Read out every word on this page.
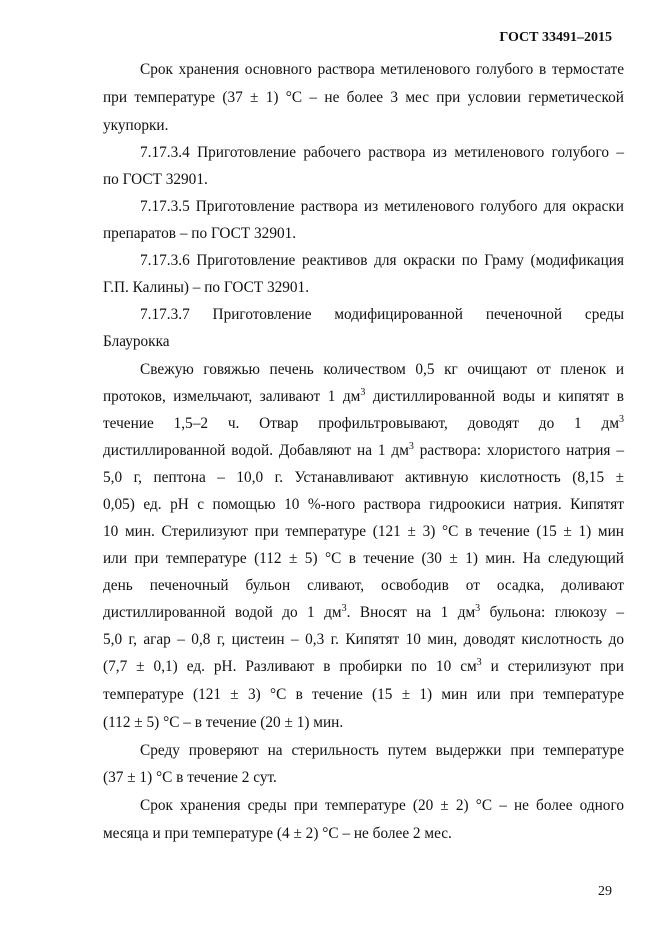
ГОСТ 33491–2015
Срок хранения основного раствора метиленового голубого в термостате
при температуре (37 ± 1) °С – не более 3 мес при условии герметической
укупорки.
7.17.3.4 Приготовление рабочего раствора из метиленового голубого –
по ГОСТ 32901.
7.17.3.5 Приготовление раствора из метиленового голубого для окраски
препаратов – по ГОСТ 32901.
7.17.3.6 Приготовление реактивов для окраски по Граму (модификация
Г.П. Калины) – по ГОСТ 32901.
7.17.3.7 Приготовление модифицированной печеночной среды
Блаурокка
Свежую говяжью печень количеством 0,5 кг очищают от пленок и
протоков, измельчают, заливают 1 $дм^3$ дистиллированной воды и кипятят в
течение 1,5–2 ч. Отвар профильтровывают, доводят до 1 $дм^3$
дистиллированной водой. Добавляют на 1 $дм^3$ раствора: хлористого натрия –
5,0 г, пептона – 10,0 г. Устанавливают активную кислотность (8,15 ±
0,05) ед. рН с помощью 10 %-ного раствора гидроокиси натрия. Кипятят
10 мин. Стерилизуют при температуре (121 ± 3) °С в течение (15 ± 1) мин
или при температуре (112 ± 5) °С в течение (30 ± 1) мин. На следующий
день печеночный бульон сливают, освободив от осадка, доливают
дистиллированной водой до 1 $дм^3$. Вносят на 1 $дм^3$ бульона: глюкозу –
5,0 г, агар – 0,8 г, цистеин – 0,3 г. Кипятят 10 мин, доводят кислотность до
(7,7 ± 0,1) ед. рН. Разливают в пробирки по 10 $см^3$ и стерилизуют при
температуре (121 ± 3) °С в течение (15 ± 1) мин или при температуре
(112 ± 5) °С – в течение (20 ± 1) мин.
Среду проверяют на стерильность путем выдержки при температуре
(37 ± 1) °С в течение 2 сут.
Срок хранения среды при температуре (20 ± 2) °С – не более одного
месяца и при температуре (4 ± 2) °С – не более 2 мес.
29
